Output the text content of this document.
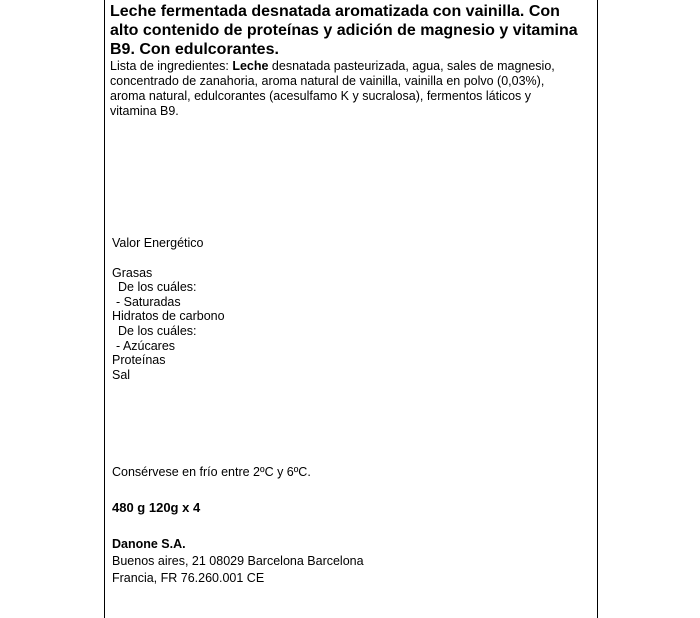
Leche fermentada desnatada aromatizada con vainilla. Con
alto contenido de proteínas y adición de magnesio y vitamina
B9. Con edulcorantes.
Lista de ingredientes: Leche desnatada pasteurizada, agua, sales de magnesio,
concentrado de zanahoria, aroma natural de vainilla, vainilla en polvo (0,03%),
aroma natural, edulcorantes (acesulfamo K y sucralosa), fermentos láticos y
vitamina B9.
Valor Energético
Grasas
De los cuáles:
- Saturadas
Hidratos de carbono
De los cuáles:
- Azúcares
Proteínas
Sal
Consérvese en frío entre 2ºC y 6ºC.
480 g 120g x 4
Danone S.A.
Buenos aires, 21 08029 Barcelona Barcelona
Francia, FR 76.260.001 CE
